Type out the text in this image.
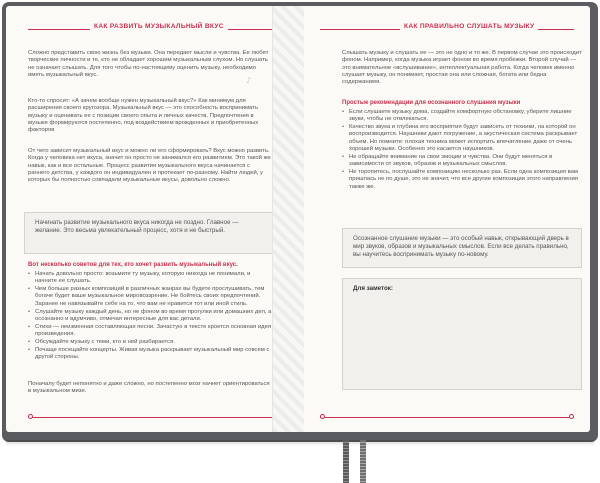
♪
КАК РАЗВИТЬ МУЗЫКАЛЬНЫЙ ВКУС
Сложно представить свою жизнь без музыки. Она передает мысли и чувства. Ее любят творческие личности и те, кто не обладает хорошим музыкальным слухом. Но слушать не означает слышать. Для того чтобы по-настоящему оценить музыку, необходимо иметь музыкальный вкус.
Кто-то спросит: «А зачем вообще нужен музыкальный вкус?» Как минимум для расширения своего кругозора. Музыкальный вкус — это способность воспринимать музыку и оценивать ее с позиции своего опыта и личных качеств. Предпочтения в музыке формируются постепенно, под воздействием врожденных и приобретенных факторов
От чего зависит музыкальный вкус и можно ли его сформировать? Вкус можно развить. Когда у человека нет вкуса, значит он просто не занимался его развитием. Это такой же навык, как и все остальные. Процесс развития музыкального вкуса начинается с раннего детства, у каждого он индивидуален и протекает по-разному. Найти людей, у которых бы полностью совпадали музыкальные вкусы, довольно сложно.
Начинать развитие музыкального вкуса никогда не поздно. Главное — желание. Это весьма увлекательный процесс, хотя и не быстрый.
Вот несколько советов для тех, кто хочет развить музыкальный вкус.
• Начать довольно просто: возьмите ту музыку, которую никогда не понимали, и начните ее слушать.
• Чем больше разных композиций в различных жанрах вы будете прослушивать, тем богаче будет ваше музыкальное мировоззрение. Не бойтесь своих предпочтений. Заранее не навязывайте себе на то, что вам не нравится тот или иной стиль.
• Слушайте музыку каждый день, но не фоном во время прогулки или домашних дел, а осознанно и вдумчиво, отмечая интересные для вас детали.
• Стихи — неизменная составляющая песни. Зачастую в тексте кроется основная идея произведения.
• Обсуждайте музыку с теми, кто в ней разбирается.
• Почаще посещайте концерты. Живая музыка раскрывает музыкальный мир совсем с другой стороны.
Поначалу будет непонятно и даже сложно, но постепенно мозг начнет ориентироваться в музыкальном мизе.
КАК ПРАВИЛЬНО СЛУШАТЬ МУЗЫКУ
Слышать музыку и слушать ее — это не одно и то же. В первом случае это происходит фоном. Например, когда музыка играет фоном во время пробежки. Второй случай — это внимательное «вслушивание», интеллектуальная работа. Когда человек именно слушает музыку, он понимает, простая она или сложная, богата или бедна содержанием.
Простые рекомендации для осознанного слушания музыки
• Если слушаете музыку дома, создайте комфортную обстановку, уберите лишние звуки, чтобы не отвлекаться.
• Качество звука и глубина его восприятия будут зависеть от техники, на которой он воспроизводится. Наушники дают погружение, а акустическая система раскрывает объем. Но помните: плохая техника может испортить впечатление даже от очень хорошей музыки. Особенно это касается наушников.
• Не обращайте внимание на свои эмоции и чувства. Они будут меняться в зависимости от звуков, образов и музыкальных смыслов.
• Не торопитесь, послушайте композицию несколько раз. Если одна композиция вам пришлась не по душе, это не значит, что все другие композиции этого направления также же.
Осознанное слушание музыки — это особый навык, открывающий дверь в мир звуков, образов и музыкальных смыслов. Если все делать правильно, вы научитесь воспринимать музыку по-новому.
Для заметок:
